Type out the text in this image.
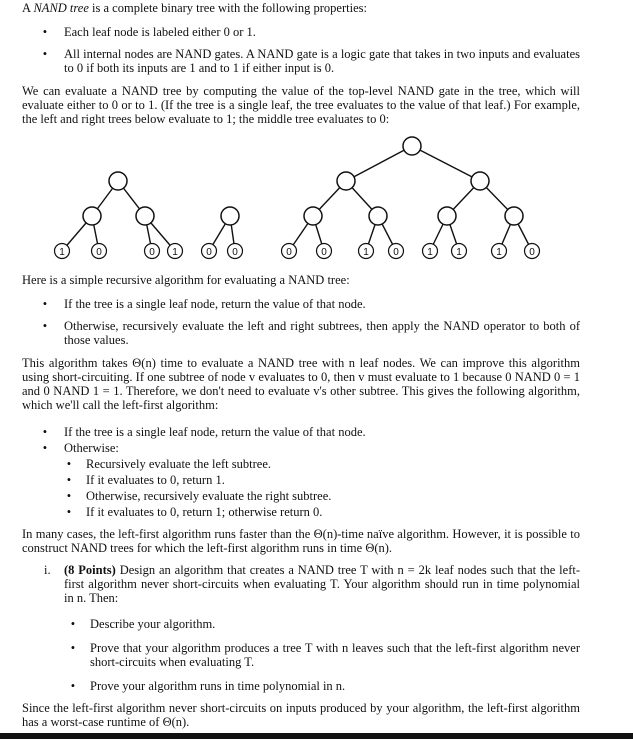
A NAND tree is a complete binary tree with the following properties:

• Each leaf node is labeled either 0 or 1.

• All internal nodes are NAND gates. A NAND gate is a logic gate that takes in two inputs and evaluates to 0 if both its inputs are 1 and to 1 if either input is 0.

We can evaluate a NAND tree by computing the value of the top-level NAND gate in the tree, which will evaluate either to 0 or to 1. (If the tree is a single leaf, the tree evaluates to the value of that leaf.) For example, the left and right trees below evaluate to 1; the middle tree evaluates to 0:

1	0	0 1	0 0	0	0	1 0	1 1	1	0

Here is a simple recursive algorithm for evaluating a NAND tree:

• If the tree is a single leaf node, return the value of that node.

• Otherwise, recursively evaluate the left and right subtrees, then apply the NAND operator to both of those values.

This algorithm takes Θ(n) time to evaluate a NAND tree with n leaf nodes. We can improve this algorithm using short-circuiting. If one subtree of node v evaluates to 0, then v must evaluate to 1 because 0 NAND 0 = 1 and 0 NAND 1 = 1. Therefore, we don't need to evaluate v's other subtree. This gives the following algorithm, which we'll call the left-first algorithm:

• If the tree is a single leaf node, return the value of that node.

• Otherwise:

• Recursively evaluate the left subtree.

• If it evaluates to 0, return 1.

• Otherwise, recursively evaluate the right subtree.

• If it evaluates to 0, return 1; otherwise return 0.

In many cases, the left-first algorithm runs faster than the Θ(n)-time naïve algorithm. However, it is possible to construct NAND trees for which the left-first algorithm runs in time Θ(n).

i. (8 Points) Design an algorithm that creates a NAND tree T with n = 2k leaf nodes such that the left-first algorithm never short-circuits when evaluating T. Your algorithm should run in time polynomial in n. Then:

• Describe your algorithm.

• Prove that your algorithm produces a tree T with n leaves such that the left-first algorithm never short-circuits when evaluating T.

• Prove your algorithm runs in time polynomial in n.

Since the left-first algorithm never short-circuits on inputs produced by your algorithm, the left-first algorithm has a worst-case runtime of Θ(n).
